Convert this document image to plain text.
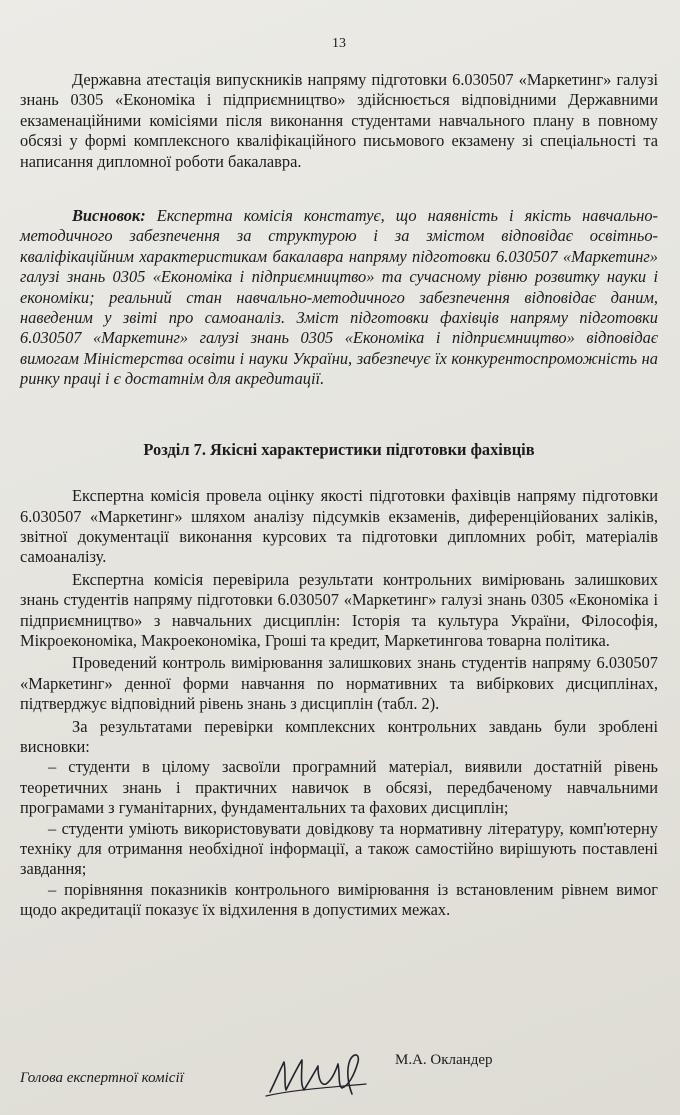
13

Державна атестація випускників напряму підготовки 6.030507 «Маркетинг» галузі знань 0305 «Економіка і підприємництво» здійснюється відповідними Державними екзаменаційними комісіями після виконання студентами навчального плану в повному обсязі у формі комплексного кваліфікаційного письмового екзамену зі спеціальності та написання дипломної роботи бакалавра.

Висновок: Експертна комісія констатує, що наявність і якість навчально-методичного забезпечення за структурою і за змістом відповідає освітньо-кваліфікаційним характеристикам бакалавра напряму підготовки 6.030507 «Маркетинг» галузі знань 0305 «Економіка і підприємництво» та сучасному рівню розвитку науки і економіки; реальний стан навчально-методичного забезпечення відповідає даним, наведеним у звіті про самоаналіз. Зміст підготовки фахівців напряму підготовки 6.030507 «Маркетинг» галузі знань 0305 «Економіка і підприємництво» відповідає вимогам Міністерства освіти і науки України, забезпечує їх конкурентоспроможність на ринку праці і є достатнім для акредитації.

Розділ 7. Якісні характеристики підготовки фахівців

Експертна комісія провела оцінку якості підготовки фахівців напряму підготовки 6.030507 «Маркетинг» шляхом аналізу підсумків екзаменів, диференційованих заліків, звітної документації виконання курсових та підготовки дипломних робіт, матеріалів самоаналізу.

Експертна комісія перевірила результати контрольних вимірювань залишкових знань студентів напряму підготовки 6.030507 «Маркетинг» галузі знань 0305 «Економіка і підприємництво» з навчальних дисциплін: Історія та культура України, Філософія, Мікроекономіка, Макроекономіка, Гроші та кредит, Маркетингова товарна політика.

Проведений контроль вимірювання залишкових знань студентів напряму 6.030507 «Маркетинг» денної форми навчання по нормативних та вибіркових дисциплінах, підтверджує відповідний рівень знань з дисциплін (табл. 2).

За результатами перевірки комплексних контрольних завдань були зроблені висновки:

– студенти в цілому засвоїли програмний матеріал, виявили достатній рівень теоретичних знань і практичних навичок в обсязі, передбаченому навчальними програмами з гуманітарних, фундаментальних та фахових дисциплін;

– студенти уміють використовувати довідкову та нормативну літературу, комп'ютерну техніку для отримання необхідної інформації, а також самостійно вирішують поставлені завдання;

– порівняння показників контрольного вимірювання із встановленим рівнем вимог щодо акредитації показує їх відхилення в допустимих межах.

Голова експертної комісії
М.А. Окландер
